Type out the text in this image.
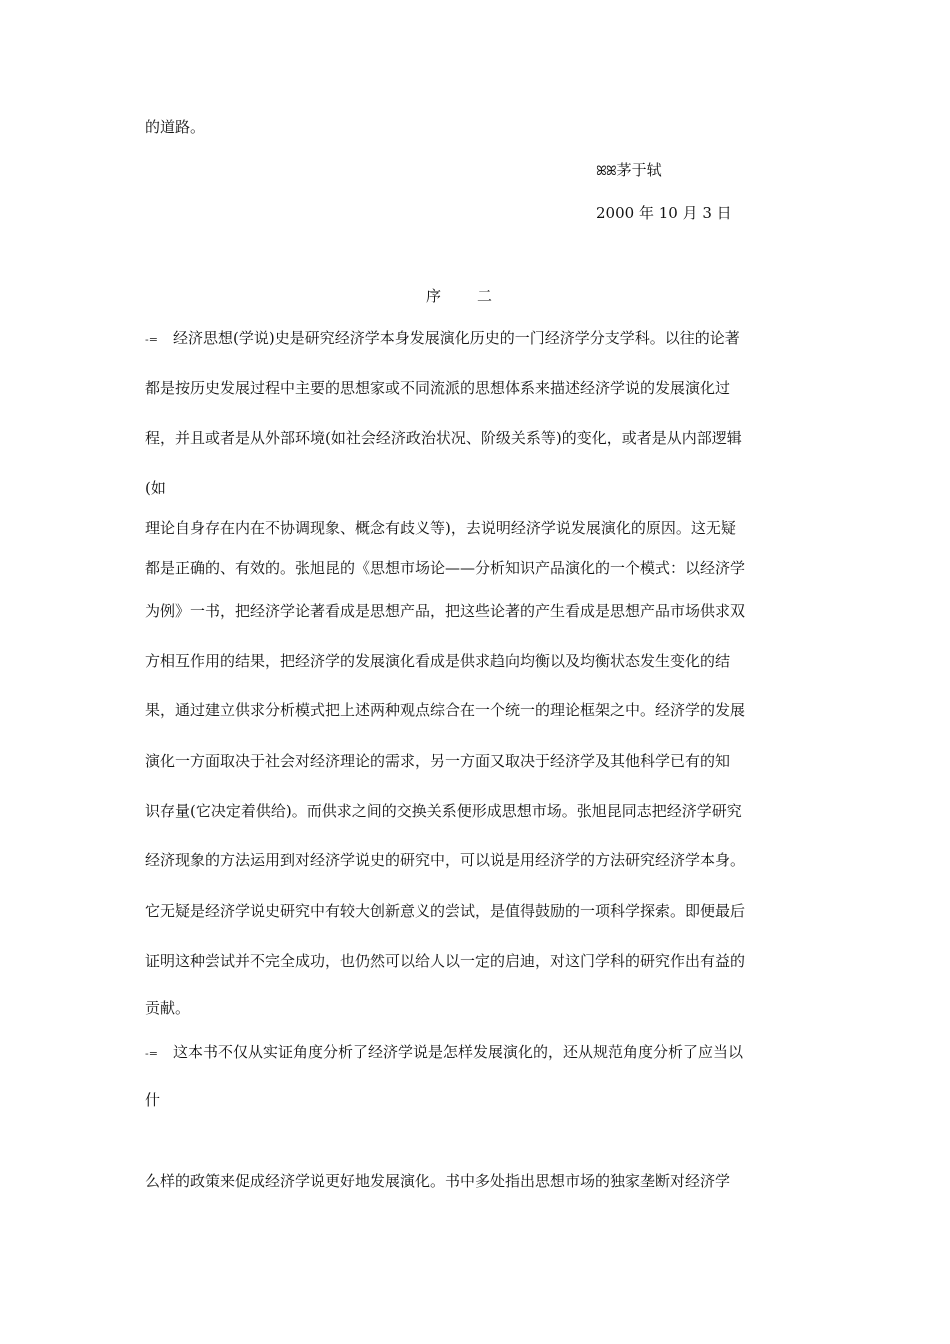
的道路。
ꕤꕤ茅于轼
2000 年 10 月 3 日
序 二
-= 经济思想(学说)史是研究经济学本身发展演化历史的一门经济学分支学科。以往的论著
都是按历史发展过程中主要的思想家或不同流派的思想体系来描述经济学说的发展演化过
程，并且或者是从外部环境(如社会经济政治状况、阶级关系等)的变化，或者是从内部逻辑
(如
理论自身存在内在不协调现象、概念有歧义等)，去说明经济学说发展演化的原因。这无疑
都是正确的、有效的。张旭昆的《思想市场论——分析知识产品演化的一个模式：以经济学
为例》一书，把经济学论著看成是思想产品，把这些论著的产生看成是思想产品市场供求双
方相互作用的结果，把经济学的发展演化看成是供求趋向均衡以及均衡状态发生变化的结
果，通过建立供求分析模式把上述两种观点综合在一个统一的理论框架之中。经济学的发展
演化一方面取决于社会对经济理论的需求，另一方面又取决于经济学及其他科学已有的知
识存量(它决定着供给)。而供求之间的交换关系便形成思想市场。张旭昆同志把经济学研究
经济现象的方法运用到对经济学说史的研究中，可以说是用经济学的方法研究经济学本身。
它无疑是经济学说史研究中有较大创新意义的尝试，是值得鼓励的一项科学探索。即便最后
证明这种尝试并不完全成功，也仍然可以给人以一定的启迪，对这门学科的研究作出有益的
贡献。
-= 这本书不仅从实证角度分析了经济学说是怎样发展演化的，还从规范角度分析了应当以
什
么样的政策来促成经济学说更好地发展演化。书中多处指出思想市场的独家垄断对经济学
